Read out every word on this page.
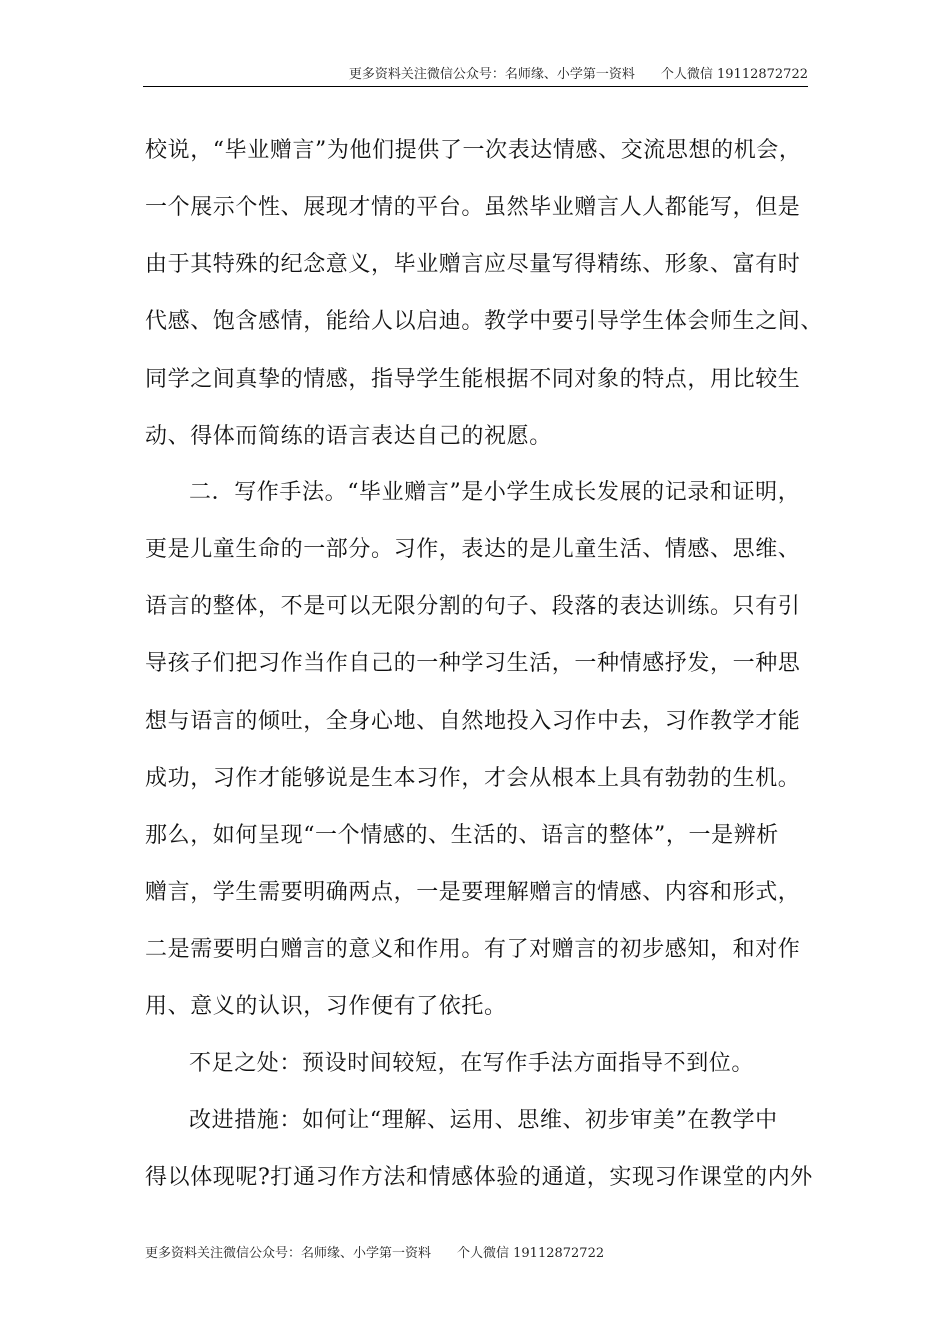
更多资料关注微信公众号：名师缘、小学第一资料　　个人微信 19112872722
校说，“毕业赠言”为他们提供了一次表达情感、交流思想的机会，
一个展示个性、展现才情的平台。虽然毕业赠言人人都能写，但是
由于其特殊的纪念意义，毕业赠言应尽量写得精练、形象、富有时
代感、饱含感情，能给人以启迪。教学中要引导学生体会师生之间、
同学之间真挚的情感，指导学生能根据不同对象的特点，用比较生
动、得体而简练的语言表达自己的祝愿。
二．写作手法。“毕业赠言”是小学生成长发展的记录和证明，
更是儿童生命的一部分。习作，表达的是儿童生活、情感、思维、
语言的整体，不是可以无限分割的句子、段落的表达训练。只有引
导孩子们把习作当作自己的一种学习生活，一种情感抒发，一种思
想与语言的倾吐，全身心地、自然地投入习作中去，习作教学才能
成功，习作才能够说是生本习作，才会从根本上具有勃勃的生机。
那么，如何呈现“一个情感的、生活的、语言的整体”，一是辨析
赠言，学生需要明确两点，一是要理解赠言的情感、内容和形式，
二是需要明白赠言的意义和作用。有了对赠言的初步感知，和对作
用、意义的认识，习作便有了依托。
不足之处：预设时间较短，在写作手法方面指导不到位。
改进措施：如何让“理解、运用、思维、初步审美”在教学中
得以体现呢?打通习作方法和情感体验的通道，实现习作课堂的内外
更多资料关注微信公众号：名师缘、小学第一资料　　个人微信 19112872722
